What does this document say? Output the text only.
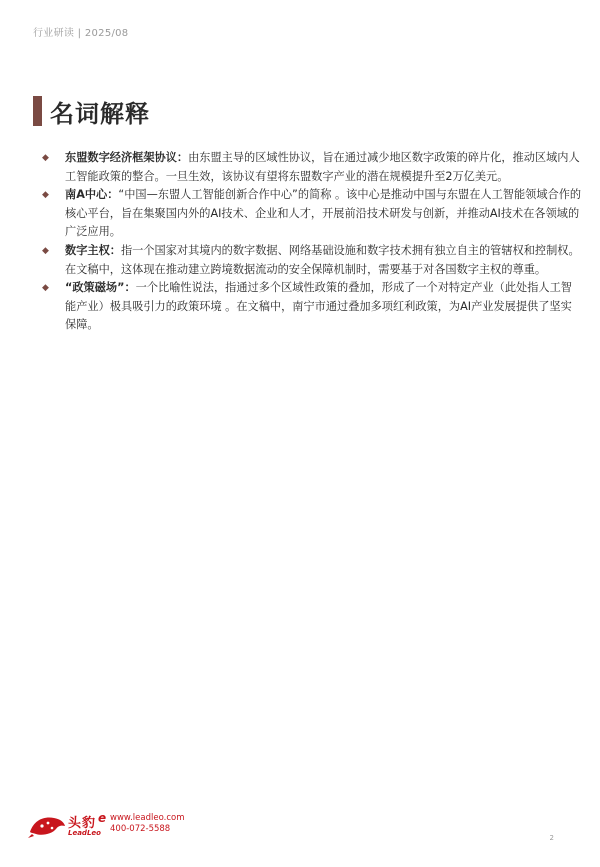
行业研读 | 2025/08
名词解释
◆	东盟数字经济框架协议：由东盟主导的区域性协议，旨在通过减少地区数字政策的碎片化，推动区域内人工智能政策的整合。一旦生效，该协议有望将东盟数字产业的潜在规模提升至2万亿美元。
◆	南A中心：“中国—东盟人工智能创新合作中心”的简称 。该中心是推动中国与东盟在人工智能领域合作的核心平台，旨在集聚国内外的AI技术、企业和人才，开展前沿技术研发与创新，并推动AI技术在各领域的广泛应用。
◆	数字主权：指一个国家对其境内的数字数据、网络基础设施和数字技术拥有独立自主的管辖权和控制权。在文稿中，这体现在推动建立跨境数据流动的安全保障机制时，需要基于对各国数字主权的尊重。
◆	“政策磁场”：一个比喻性说法，指通过多个区域性政策的叠加，形成了一个对特定产业（此处指人工智能产业）极具吸引力的政策环境 。在文稿中，南宁市通过叠加多项红利政策，为AI产业发展提供了坚实保障。
头豹 e
LeadLeo
www.leadleo.com
400-072-5588
2
